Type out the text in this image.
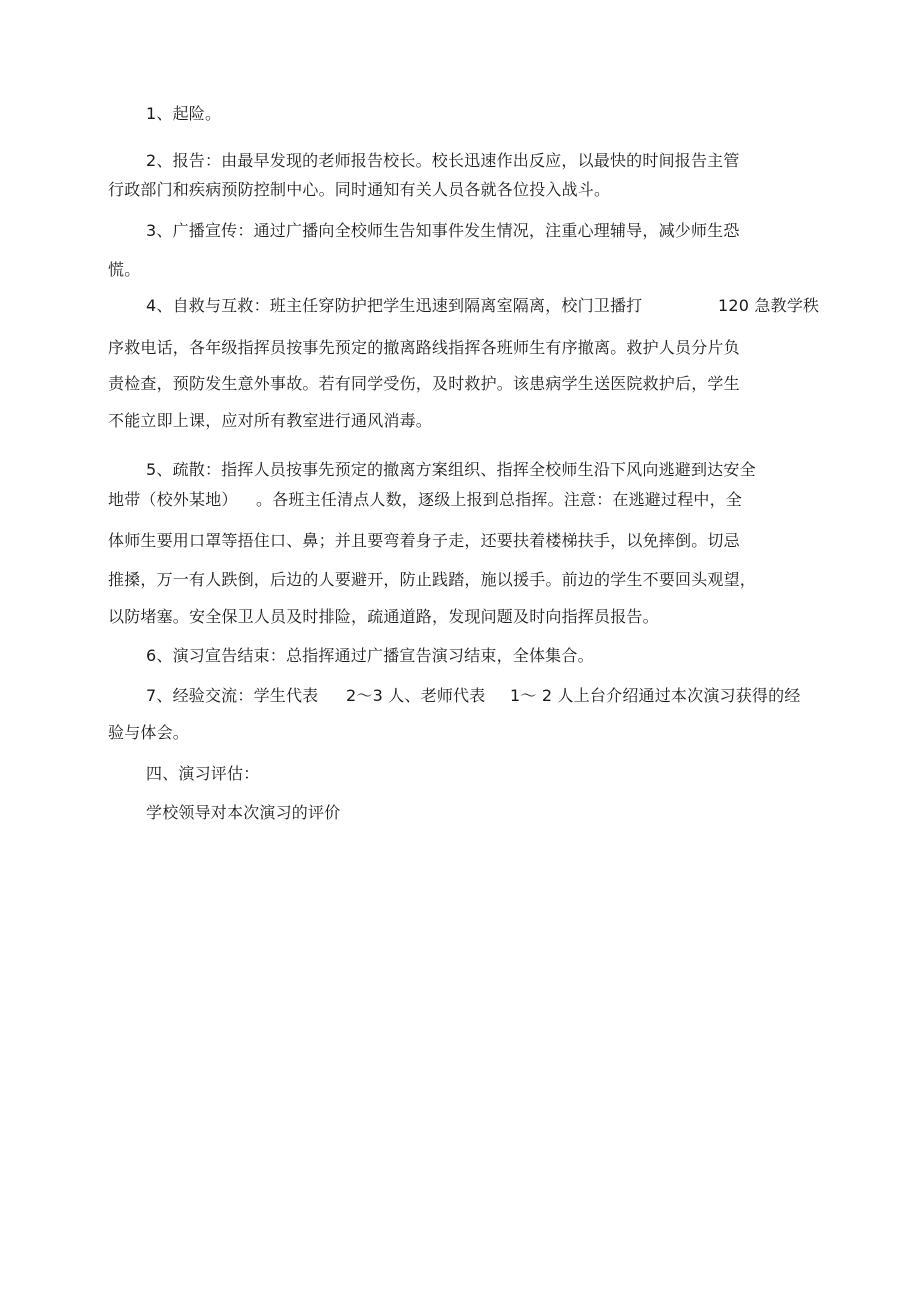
1、起险。
2、报告：由最早发现的老师报告校长。校长迅速作出反应，以最快的时间报告主管
行政部门和疾病预防控制中心。同时通知有关人员各就各位投入战斗。
3、广播宣传：通过广播向全校师生告知事件发生情况，注重心理辅导，减少师生恐
慌。
4、自救与互救：班主任穿防护把学生迅速到隔离室隔离，校门卫播打	120 急教学秩
序救电话，各年级指挥员按事先预定的撤离路线指挥各班师生有序撤离。救护人员分片负
责检查，预防发生意外事故。若有同学受伤，及时救护。该患病学生送医院救护后，学生
不能立即上课，应对所有教室进行通风消毒。
5、疏散：指挥人员按事先预定的撤离方案组织、指挥全校师生沿下风向逃避到达安全
地带（校外某地） 。各班主任清点人数，逐级上报到总指挥。注意：在逃避过程中，全
体师生要用口罩等捂住口、鼻；并且要弯着身子走，还要扶着楼梯扶手，以免摔倒。切忌
推搡，万一有人跌倒，后边的人要避开，防止践踏，施以援手。前边的学生不要回头观望，
以防堵塞。安全保卫人员及时排险，疏通道路，发现问题及时向指挥员报告。
6、演习宣告结束：总指挥通过广播宣告演习结束，全体集合。
7、经验交流：学生代表 2～3 人、老师代表 1～ 2 人上台介绍通过本次演习获得的经
验与体会。
四、演习评估：
学校领导对本次演习的评价
